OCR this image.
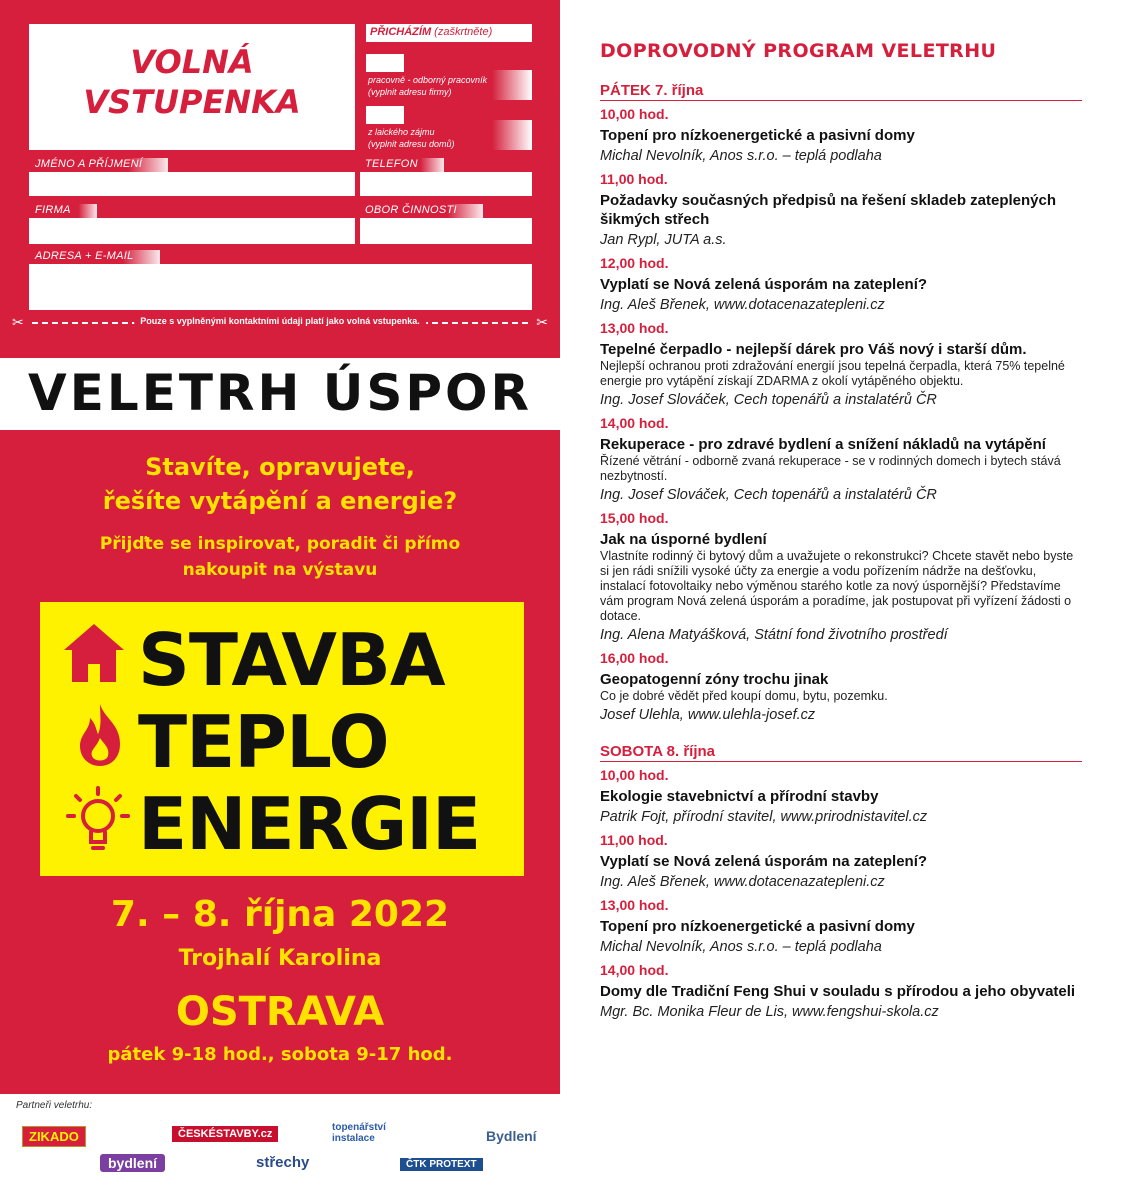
VOLNÁ
VSTUPENKA
PŘICHÁZÍM (zaškrtněte)
pracovně - odborný pracovník
(vyplnit adresu firmy)
z laického zájmu
(vyplnit adresu domů)
JMÉNO A PŘÍJMENÍ	TELEFON
FIRMA	OBOR ČINNOSTI
ADRESA + E-MAIL
✂	Pouze s vyplněnými kontaktními údaji platí jako volná vstupenka.	✂
VELETRH ÚSPOR
Stavíte, opravujete,
řešíte vytápění a energie?
Přijďte se inspirovat, poradit či přímo
nakoupit na výstavu
STAVBA
TEPLO
ENERGIE
7. – 8. října 2022
Trojhalí Karolina
OSTRAVA
pátek 9-18 hod., sobota 9-17 hod.
Partneři veletrhu:
ZIKADO	ČESKÉSTAVBY.cz
topenářství instalace	Bydlení
bydlení	střechy	ČTK PROTEXT
DOPROVODNÝ PROGRAM VELETRHU
PÁTEK 7. října
10,00 hod.
Topení pro nízkoenergetické a pasivní domy
Michal Nevolník, Anos s.r.o. – teplá podlaha
11,00 hod.
Požadavky současných předpisů na řešení skladeb zateplených šikmých střech
Jan Rypl, JUTA a.s.
12,00 hod.
Vyplatí se Nová zelená úsporám na zateplení?
Ing. Aleš Břenek, www.dotacenazatepleni.cz
13,00 hod.
Tepelné čerpadlo - nejlepší dárek pro Váš nový i starší dům.
Nejlepší ochranou proti zdražování energií jsou tepelná čerpadla, která 75% tepelné energie pro vytápění získají ZDARMA z okolí vytápěného objektu.
Ing. Josef Slováček, Cech topenářů a instalatérů ČR
14,00 hod.
Rekuperace - pro zdravé bydlení a snížení nákladů na vytápění
Řízené větrání - odborně zvaná rekuperace - se v rodinných domech i bytech stává nezbytností.
Ing. Josef Slováček, Cech topenářů a instalatérů ČR
15,00 hod.
Jak na úsporné bydlení
Vlastníte rodinný či bytový dům a uvažujete o rekonstrukci? Chcete stavět nebo byste si jen rádi snížili vysoké účty za energie a vodu pořízením nádrže na dešťovku, instalací fotovoltaiky nebo výměnou starého kotle za nový úspornější? Představíme vám program Nová zelená úsporám a poradíme, jak postupovat při vyřízení žádosti o dotace.
Ing. Alena Matyášková, Státní fond životního prostředí
16,00 hod.
Geopatogenní zóny trochu jinak
Co je dobré vědět před koupí domu, bytu, pozemku.
Josef Ulehla, www.ulehla-josef.cz
SOBOTA 8. října
10,00 hod.
Ekologie stavebnictví a přírodní stavby
Patrik Fojt, přírodní stavitel, www.prirodnistavitel.cz
11,00 hod.
Vyplatí se Nová zelená úsporám na zateplení?
Ing. Aleš Břenek, www.dotacenazatepleni.cz
13,00 hod.
Topení pro nízkoenergetické a pasivní domy
Michal Nevolník, Anos s.r.o. – teplá podlaha
14,00 hod.
Domy dle Tradiční Feng Shui v souladu s přírodou a jeho obyvateli
Mgr. Bc. Monika Fleur de Lis, www.fengshui-skola.cz
